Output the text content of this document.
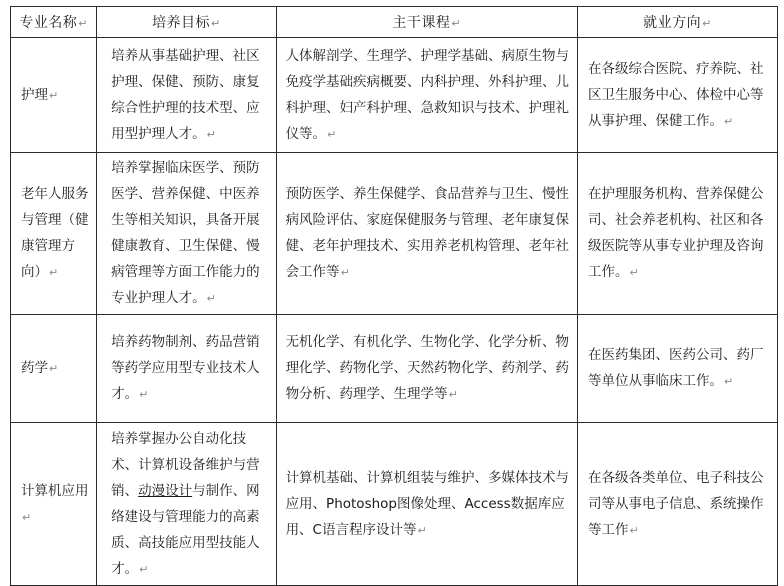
专业名称↵	培养目标↵	主干课程↵	就业方向↵
护理↵	培养从事基础护理、社区护理、保健、预防、康复综合性护理的技术型、应用型护理人才。↵	人体解剖学、生理学、护理学基础、病原生物与免疫学基础疾病概要、内科护理、外科护理、儿科护理、妇产科护理、急救知识与技术、护理礼仪等。↵	在各级综合医院、疗养院、社区卫生服务中心、体检中心等从事护理、保健工作。↵
老年人服务与管理（健康管理方向）↵	培养掌握临床医学、预防医学、营养保健、中医养生等相关知识，具备开展健康教育、卫生保健、慢病管理等方面工作能力的专业护理人才。↵	预防医学、养生保健学、食品营养与卫生、慢性病风险评估、家庭保健服务与管理、老年康复保健、老年护理技术、实用养老机构管理、老年社会工作等↵	在护理服务机构、营养保健公司、社会养老机构、社区和各级医院等从事专业护理及咨询工作。↵
药学↵	培养药物制剂、药品营销等药学应用型专业技术人才。↵	无机化学、有机化学、生物化学、化学分析、物理化学、药物化学、天然药物化学、药剂学、药物分析、药理学、生理学等↵	在医药集团、医药公司、药厂等单位从事临床工作。↵
计算机应用↵	培养掌握办公自动化技术、计算机设备维护与营销、动漫设计与制作、网络建设与管理能力的高素质、高技能应用型技能人才。↵	计算机基础、计算机组装与维护、多媒体技术与应用、Photoshop图像处理、Access数据库应用、C语言程序设计等↵	在各级各类单位、电子科技公司等从事电子信息、系统操作等工作↵
